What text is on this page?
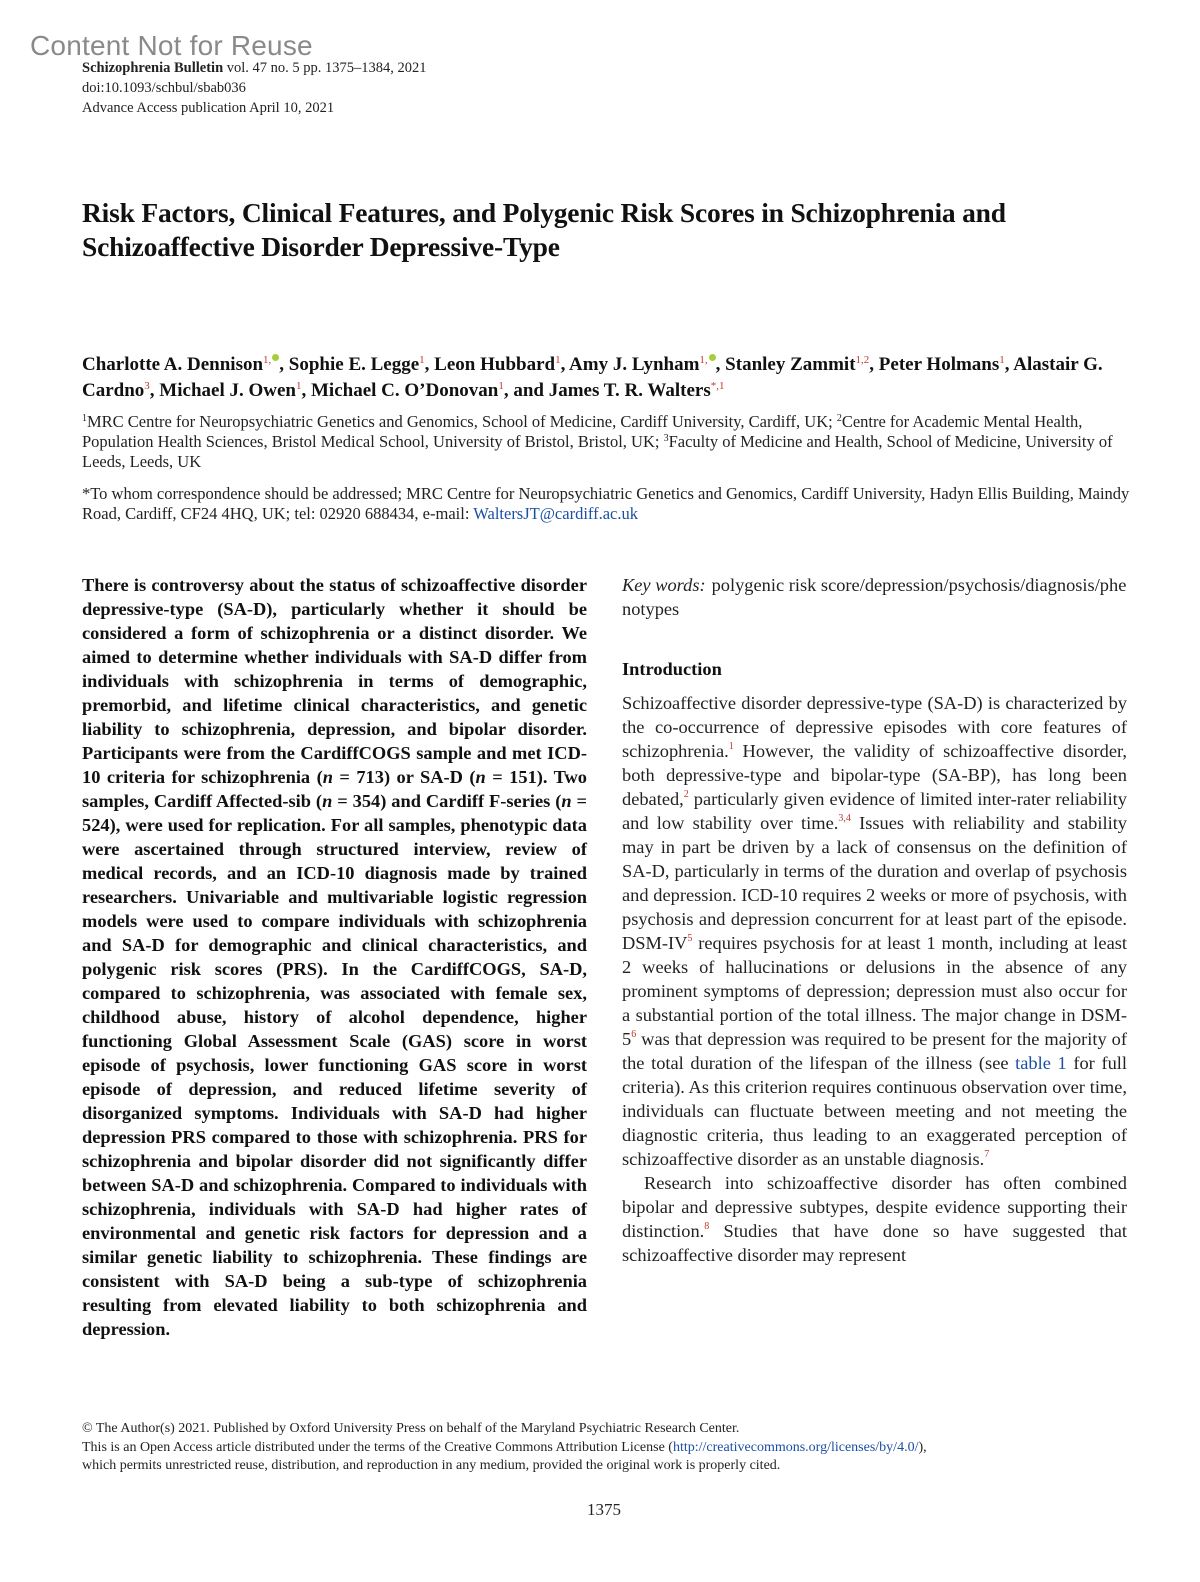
Content Not for Reuse
Schizophrenia Bulletin vol. 47 no. 5 pp. 1375–1384, 2021
doi:10.1093/schbul/sbab036
Advance Access publication April 10, 2021
Risk Factors, Clinical Features, and Polygenic Risk Scores in Schizophrenia and Schizoaffective Disorder Depressive-Type
Charlotte A. Dennison$^{1,}$ , Sophie E. Legge$^1$, Leon Hubbard$^1$, Amy J. Lynham$^{1,}$ , Stanley Zammit$^{1,2}$, Peter Holmans$^1$, Alastair G. Cardno$^3$, Michael J. Owen$^1$, Michael C. O’Donovan$^1$, and James T. R. Walters$^{*,1}$
$^1$MRC Centre for Neuropsychiatric Genetics and Genomics, School of Medicine, Cardiff University, Cardiff, UK; $^2$Centre for Academic Mental Health, Population Health Sciences, Bristol Medical School, University of Bristol, Bristol, UK; $^3$Faculty of Medicine and Health, School of Medicine, University of Leeds, Leeds, UK
*To whom correspondence should be addressed; MRC Centre for Neuropsychiatric Genetics and Genomics, Cardiff University, Hadyn Ellis Building, Maindy Road, Cardiff, CF24 4HQ, UK; tel: 02920 688434, e-mail: WaltersJT@cardiff.ac.uk

There is controversy about the status of schizoaffective disorder depressive-type (SA-D), particularly whether it should be considered a form of schizophrenia or a distinct disorder. We aimed to determine whether individuals with SA-D differ from individuals with schizophrenia in terms of demographic, premorbid, and lifetime clinical characteristics, and genetic liability to schizophrenia, depression, and bipolar disorder. Participants were from the CardiffCOGS sample and met ICD-10 criteria for schizophrenia (n = 713) or SA-D (n = 151). Two samples, Cardiff Affected-sib (n = 354) and Cardiff F-series (n = 524), were used for replication. For all samples, phenotypic data were ascertained through structured interview, review of medical records, and an ICD-10 diagnosis made by trained researchers. Univariable and multivariable logistic regression models were used to compare individuals with schizophrenia and SA-D for demographic and clinical characteristics, and polygenic risk scores (PRS). In the CardiffCOGS, SA-D, compared to schizophrenia, was associated with female sex, childhood abuse, history of alcohol dependence, higher functioning Global Assessment Scale (GAS) score in worst episode of psychosis, lower functioning GAS score in worst episode of depression, and reduced lifetime severity of disorganized symptoms. Individuals with SA-D had higher depression PRS compared to those with schizophrenia. PRS for schizophrenia and bipolar disorder did not significantly differ between SA-D and schizophrenia. Compared to individuals with schizophrenia, individuals with SA-D had higher rates of environmental and genetic risk factors for depression and a similar genetic liability to schizophrenia. These findings are consistent with SA-D being a sub-type of schizophrenia resulting from elevated liability to both schizophrenia and depression.

Key words: polygenic risk score/depression/psychosis/diagnosis/phenotypes

Introduction

Schizoaffective disorder depressive-type (SA-D) is characterized by the co-occurrence of depressive episodes with core features of schizophrenia.$^1$ However, the validity of schizoaffective disorder, both depressive-type and bipolar-type (SA-BP), has long been debated,$^2$ particularly given evidence of limited inter-rater reliability and low stability over time.$^{3,4}$ Issues with reliability and stability may in part be driven by a lack of consensus on the definition of SA-D, particularly in terms of the duration and overlap of psychosis and depression. ICD-10 requires 2 weeks or more of psychosis, with psychosis and depression concurrent for at least part of the episode. DSM-$IV^5$ requires psychosis for at least 1 month, including at least 2 weeks of hallucinations or delusions in the absence of any prominent symptoms of depression; depression must also occur for a substantial portion of the total illness. The major change in DSM-$5^6$ was that depression was required to be present for the majority of the total duration of the lifespan of the illness (see table 1 for full criteria). As this criterion requires continuous observation over time, individuals can fluctuate between meeting and not meeting the diagnostic criteria, thus leading to an exaggerated perception of schizoaffective disorder as an unstable diagnosis.$^7$

Research into schizoaffective disorder has often combined bipolar and depressive subtypes, despite evidence supporting their distinction.$^8$ Studies that have done so have suggested that schizoaffective disorder may represent

© The Author(s) 2021. Published by Oxford University Press on behalf of the Maryland Psychiatric Research Center.
This is an Open Access article distributed under the terms of the Creative Commons Attribution License (http://creativecommons.org/licenses/by/4.0/),
which permits unrestricted reuse, distribution, and reproduction in any medium, provided the original work is properly cited.
1375
